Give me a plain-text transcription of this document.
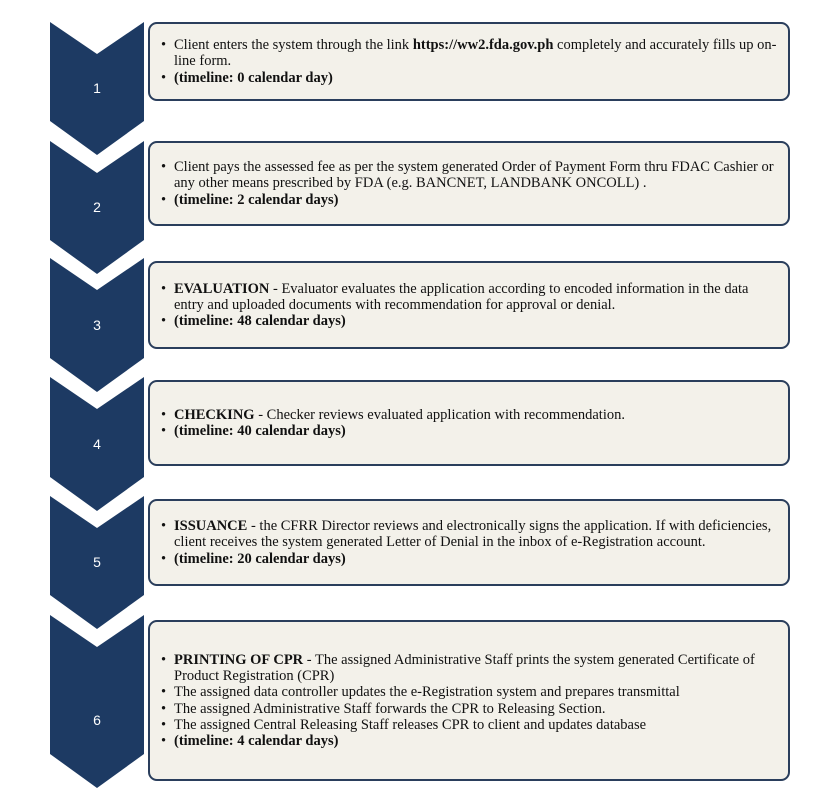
1
• Client enters the system through the link https://ww2.fda.gov.ph completely and accurately fills up on-line form.
• (timeline: 0 calendar day)
2
• Client pays the assessed fee as per the system generated Order of Payment Form thru FDAC Cashier or any other means prescribed by FDA (e.g. BANCNET, LANDBANK ONCOLL) .
• (timeline: 2 calendar days)
3
• EVALUATION - Evaluator evaluates the application according to encoded information in the data entry and uploaded documents with recommendation for approval or denial.
• (timeline: 48 calendar days)
4
• CHECKING - Checker reviews evaluated application with recommendation.
• (timeline: 40 calendar days)
5
• ISSUANCE - the CFRR Director reviews and electronically signs the application. If with deficiencies, client receives the system generated Letter of Denial in the inbox of e-Registration account.
• (timeline: 20 calendar days)
6
• PRINTING OF CPR - The assigned Administrative Staff prints the system generated Certificate of Product Registration (CPR)
• The assigned data controller updates the e-Registration system and prepares transmittal
• The assigned Administrative Staff forwards the CPR to Releasing Section.
• The assigned Central Releasing Staff releases CPR to client and updates database
• (timeline: 4 calendar days)
